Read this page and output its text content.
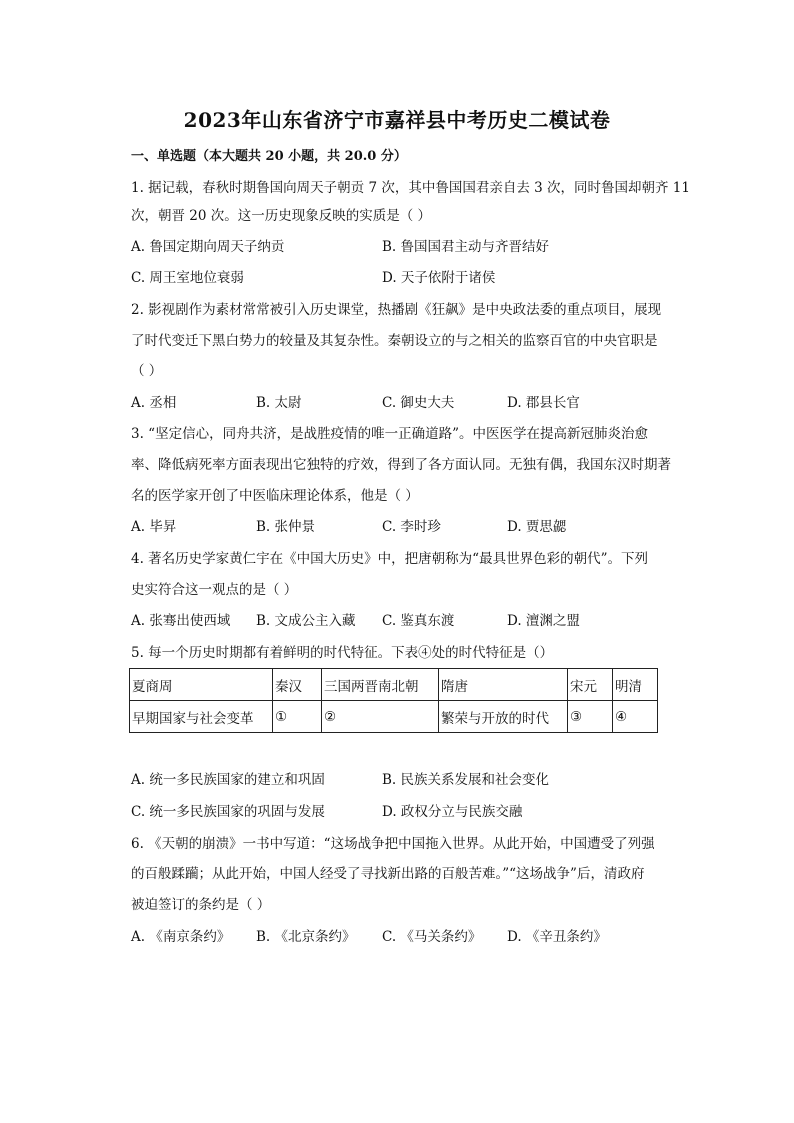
2023年山东省济宁市嘉祥县中考历史二模试卷
一、单选题（本大题共 20 小题，共 20.0 分）
1. 据记载，春秋时期鲁国向周天子朝贡 7 次，其中鲁国国君亲自去 3 次，同时鲁国却朝齐 11
次，朝晋 20 次。这一历史现象反映的实质是（ ）
A. 鲁国定期向周天子纳贡	B. 鲁国国君主动与齐晋结好
C. 周王室地位衰弱	D. 天子依附于诸侯
2. 影视剧作为素材常常被引入历史课堂，热播剧《狂飙》是中央政法委的重点项目，展现
了时代变迁下黑白势力的较量及其复杂性。秦朝设立的与之相关的监察百官的中央官职是
（ ）
A. 丞相	B. 太尉	C. 御史大夫	D. 郡县长官
3. “坚定信心，同舟共济，是战胜疫情的唯一正确道路”。中医医学在提高新冠肺炎治愈
率、降低病死率方面表现出它独特的疗效，得到了各方面认同。无独有偶，我国东汉时期著
名的医学家开创了中医临床理论体系，他是（ ）
A. 毕昇	B. 张仲景	C. 李时珍	D. 贾思勰
4. 著名历史学家黄仁宇在《中国大历史》中，把唐朝称为“最具世界色彩的朝代”。下列
史实符合这一观点的是（ ）
A. 张骞出使西域 B. 文成公主入藏 C. 鉴真东渡	D. 澶渊之盟
5. 每一个历史时期都有着鲜明的时代特征。下表④处的时代特征是（）
夏商周	秦汉	三国两晋南北朝	隋唐	宋元	明清
早期国家与社会变革	①	②	繁荣与开放的时代	③	④
A. 统一多民族国家的建立和巩固	B. 民族关系发展和社会变化
C. 统一多民族国家的巩固与发展	D. 政权分立与民族交融
6. 《天朝的崩溃》一书中写道：“这场战争把中国拖入世界。从此开始，中国遭受了列强
的百般蹂躏；从此开始，中国人经受了寻找新出路的百般苦难。”“这场战争”后，清政府
被迫签订的条约是（ ）
A. 《南京条约》 B. 《北京条约》 C. 《马关条约》 D. 《辛丑条约》
